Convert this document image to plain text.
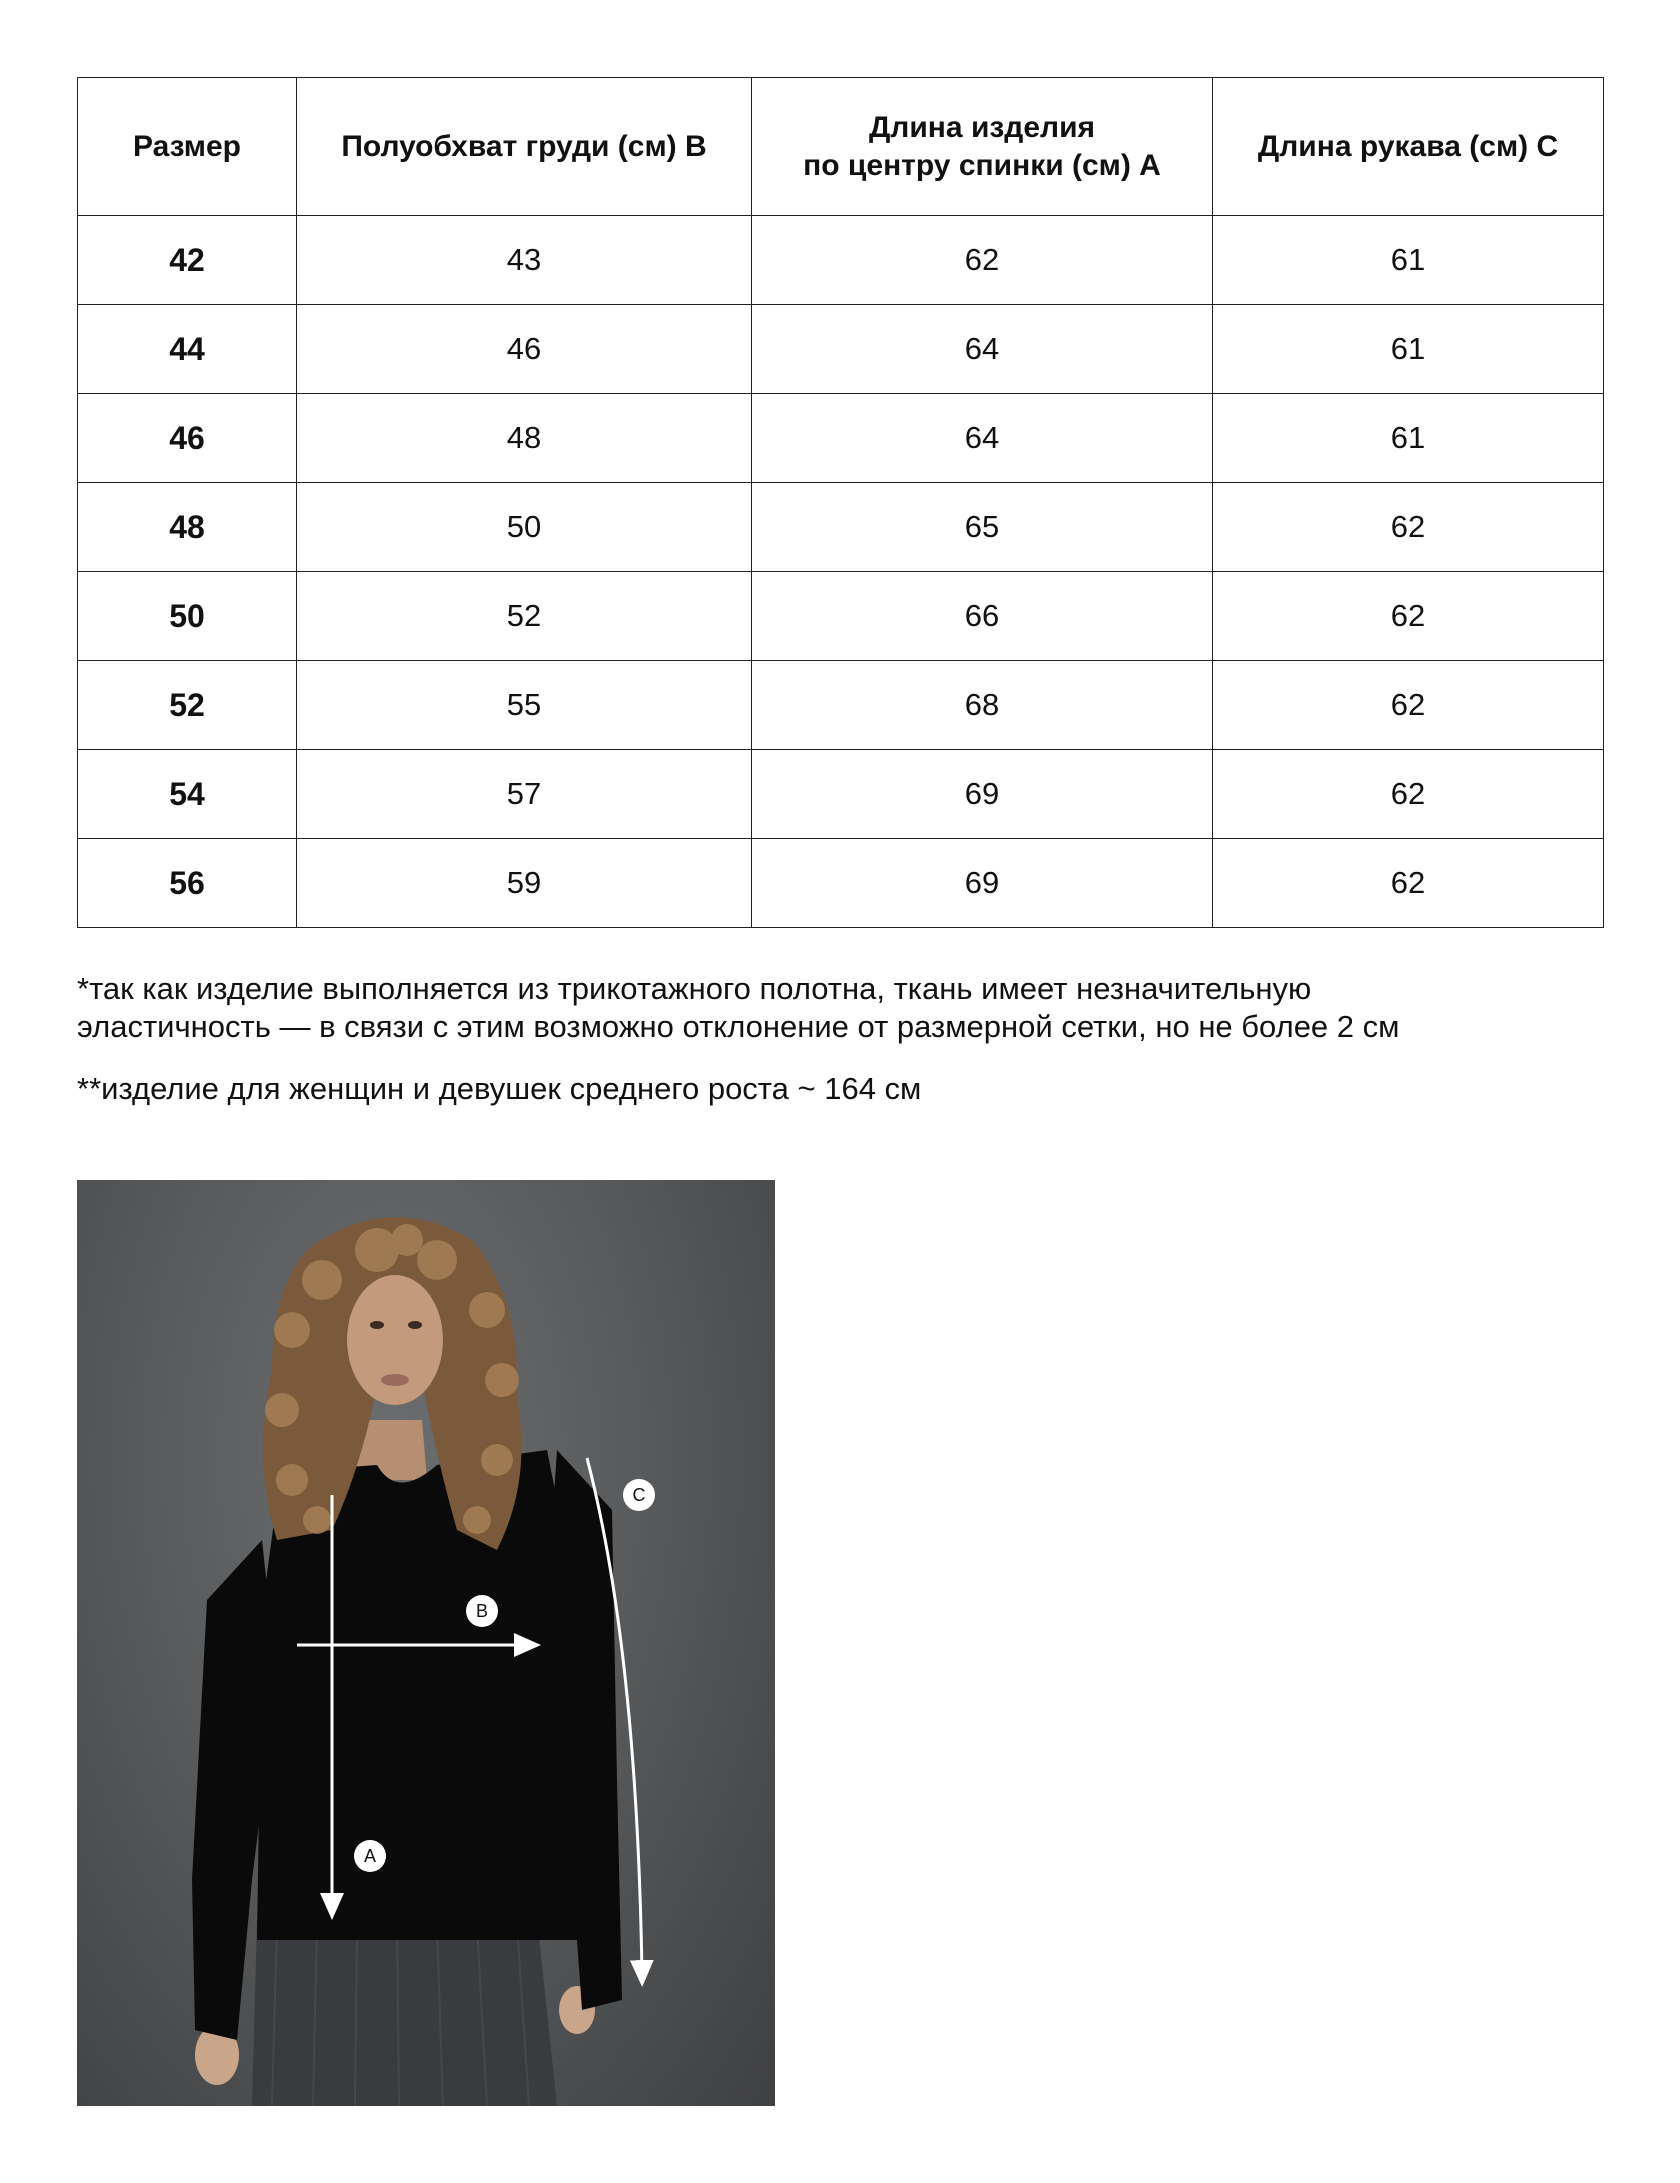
Размер	Полуобхват груди (см) B	Длина изделия
по центру спинки (см) A	Длина рукава (см) C
42	43	62	61
44	46	64	61
46	48	64	61
48	50	65	62
50	52	66	62
52	55	68	62
54	57	69	62
56	59	69	62

*так как изделие выполняется из трикотажного полотна, ткань имеет незначительную
эластичность — в связи с этим возможно отклонение от размерной сетки, но не более 2 см

**изделие для женщин и девушек среднего роста ~ 164 см

A
B
C
